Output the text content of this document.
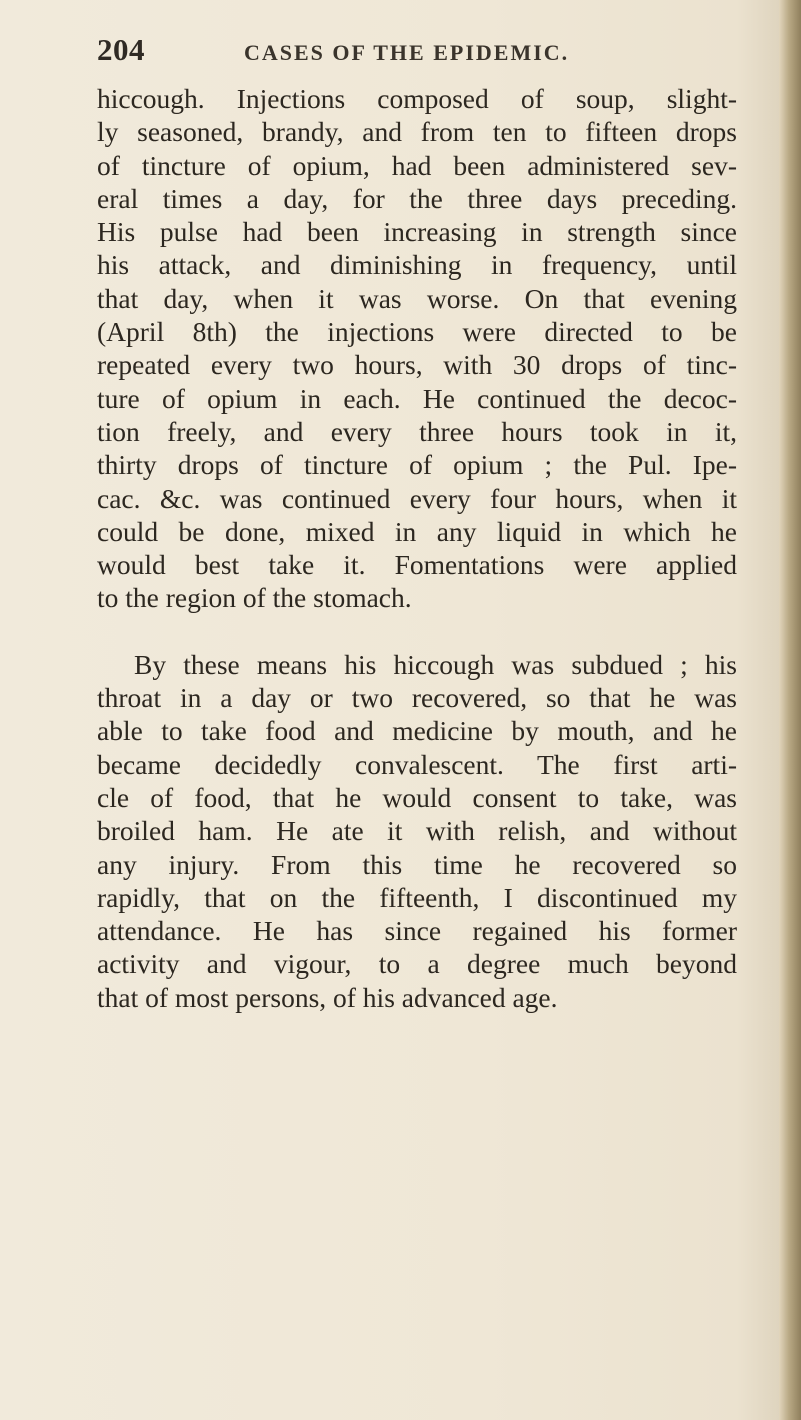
204	CASES OF THE EPIDEMIC.
hiccough. Injections composed of soup, slight-
ly seasoned, brandy, and from ten to fifteen drops
of tincture of opium, had been administered sev-
eral times a day, for the three days preceding.
His pulse had been increasing in strength since
his attack, and diminishing in frequency, until
that day, when it was worse. On that evening
(April 8th) the injections were directed to be
repeated every two hours, with 30 drops of tinc-
ture of opium in each. He continued the decoc-
tion freely, and every three hours took in it,
thirty drops of tincture of opium ; the Pul. Ipe-
cac. &c. was continued every four hours, when it
could be done, mixed in any liquid in which he
would best take it. Fomentations were applied
to the region of the stomach.
By these means his hiccough was subdued ; his
throat in a day or two recovered, so that he was
able to take food and medicine by mouth, and he
became decidedly convalescent. The first arti-
cle of food, that he would consent to take, was
broiled ham. He ate it with relish, and without
any injury. From this time he recovered so
rapidly, that on the fifteenth, I discontinued my
attendance. He has since regained his former
activity and vigour, to a degree much beyond
that of most persons, of his advanced age.
